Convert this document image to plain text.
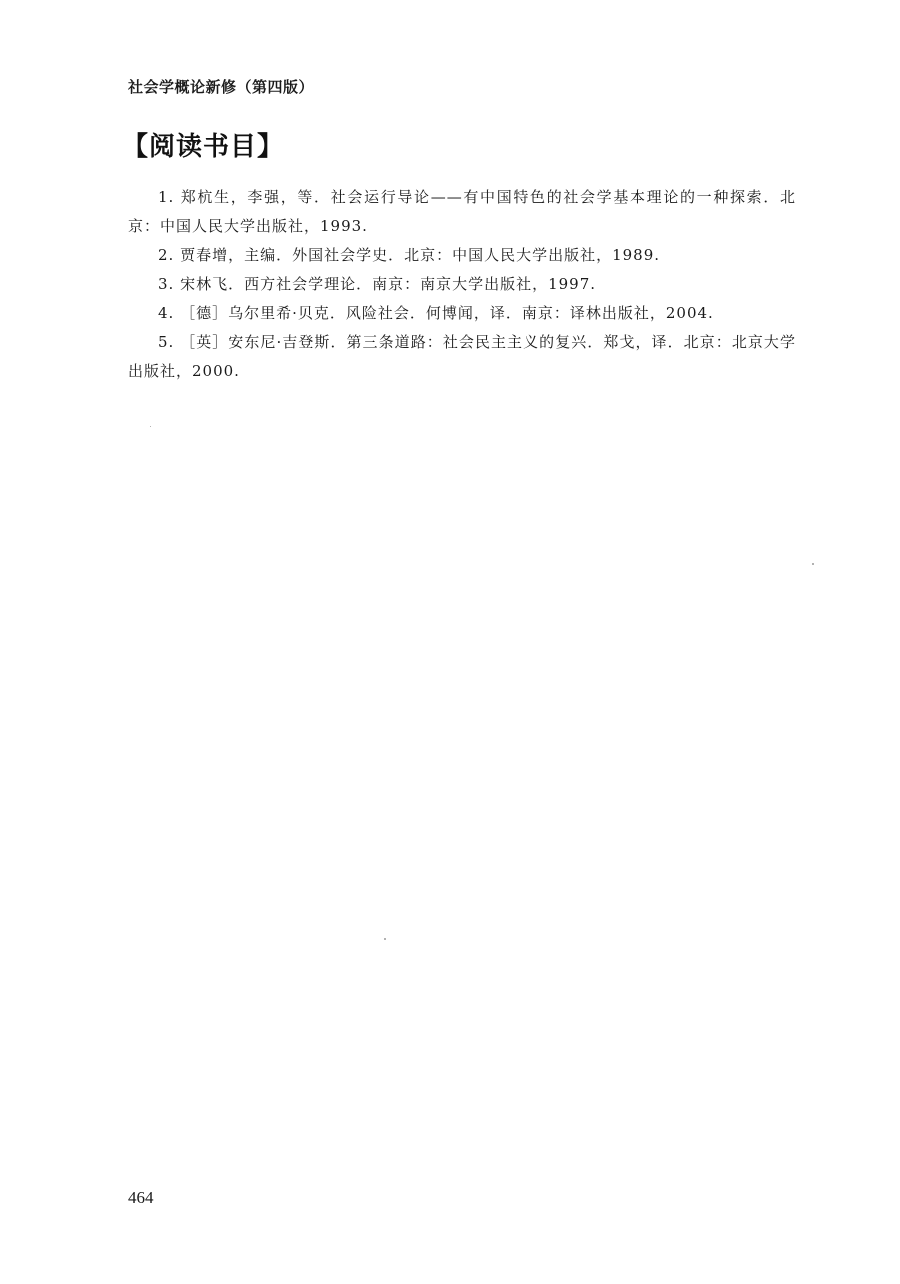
社会学概论新修（第四版）
【阅读书目】
1. 郑杭生，李强，等．社会运行导论——有中国特色的社会学基本理论的一种探索．北京：中国人民大学出版社，1993.
2. 贾春增，主编．外国社会学史．北京：中国人民大学出版社，1989.
3. 宋林飞．西方社会学理论．南京：南京大学出版社，1997.
4. ［德］乌尔里希·贝克．风险社会．何博闻，译．南京：译林出版社，2004.
5. ［英］安东尼·吉登斯．第三条道路：社会民主主义的复兴．郑戈，译．北京：北京大学出版社，2000.
464
